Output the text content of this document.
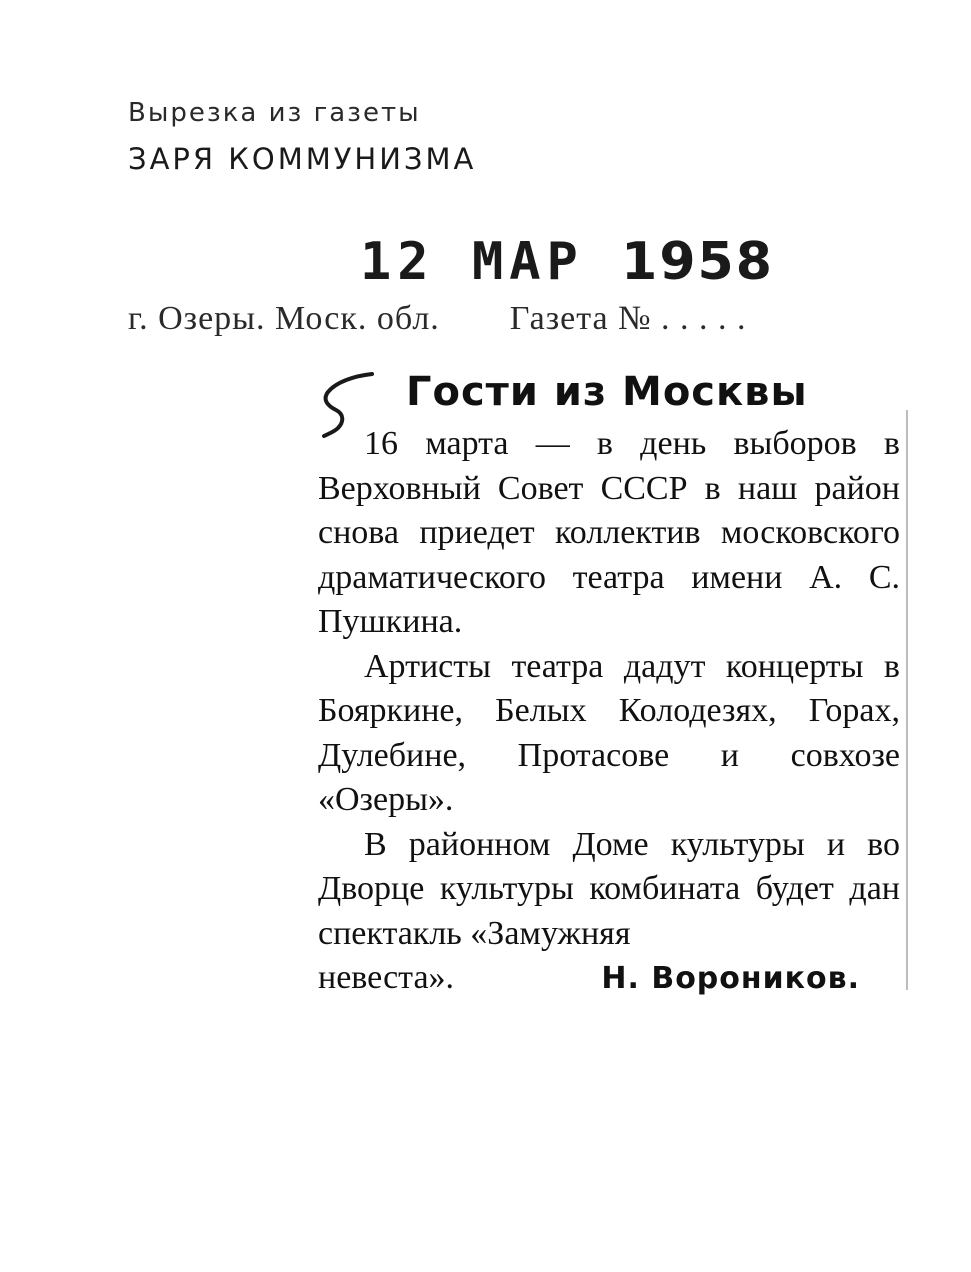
Вырезка из газеты
ЗАРЯ КОММУНИЗМА
12 МАР 1958
г. Озеры. Моск. обл. Газета № . . . . .
Гости из Москвы

16 марта — в день выборов в Верховный Совет СССР в наш район снова приедет коллектив московского драматического театра имени А. С. Пушкина.

Артисты театра дадут концерты в Бояркине, Белых Колодезях, Горах, Дулебине, Протасове и совхозе «Озеры».

В районном Доме культуры и во Дворце культуры комбината будет дан спектакль «Замужняя

невеста».	Н. Вороников.
